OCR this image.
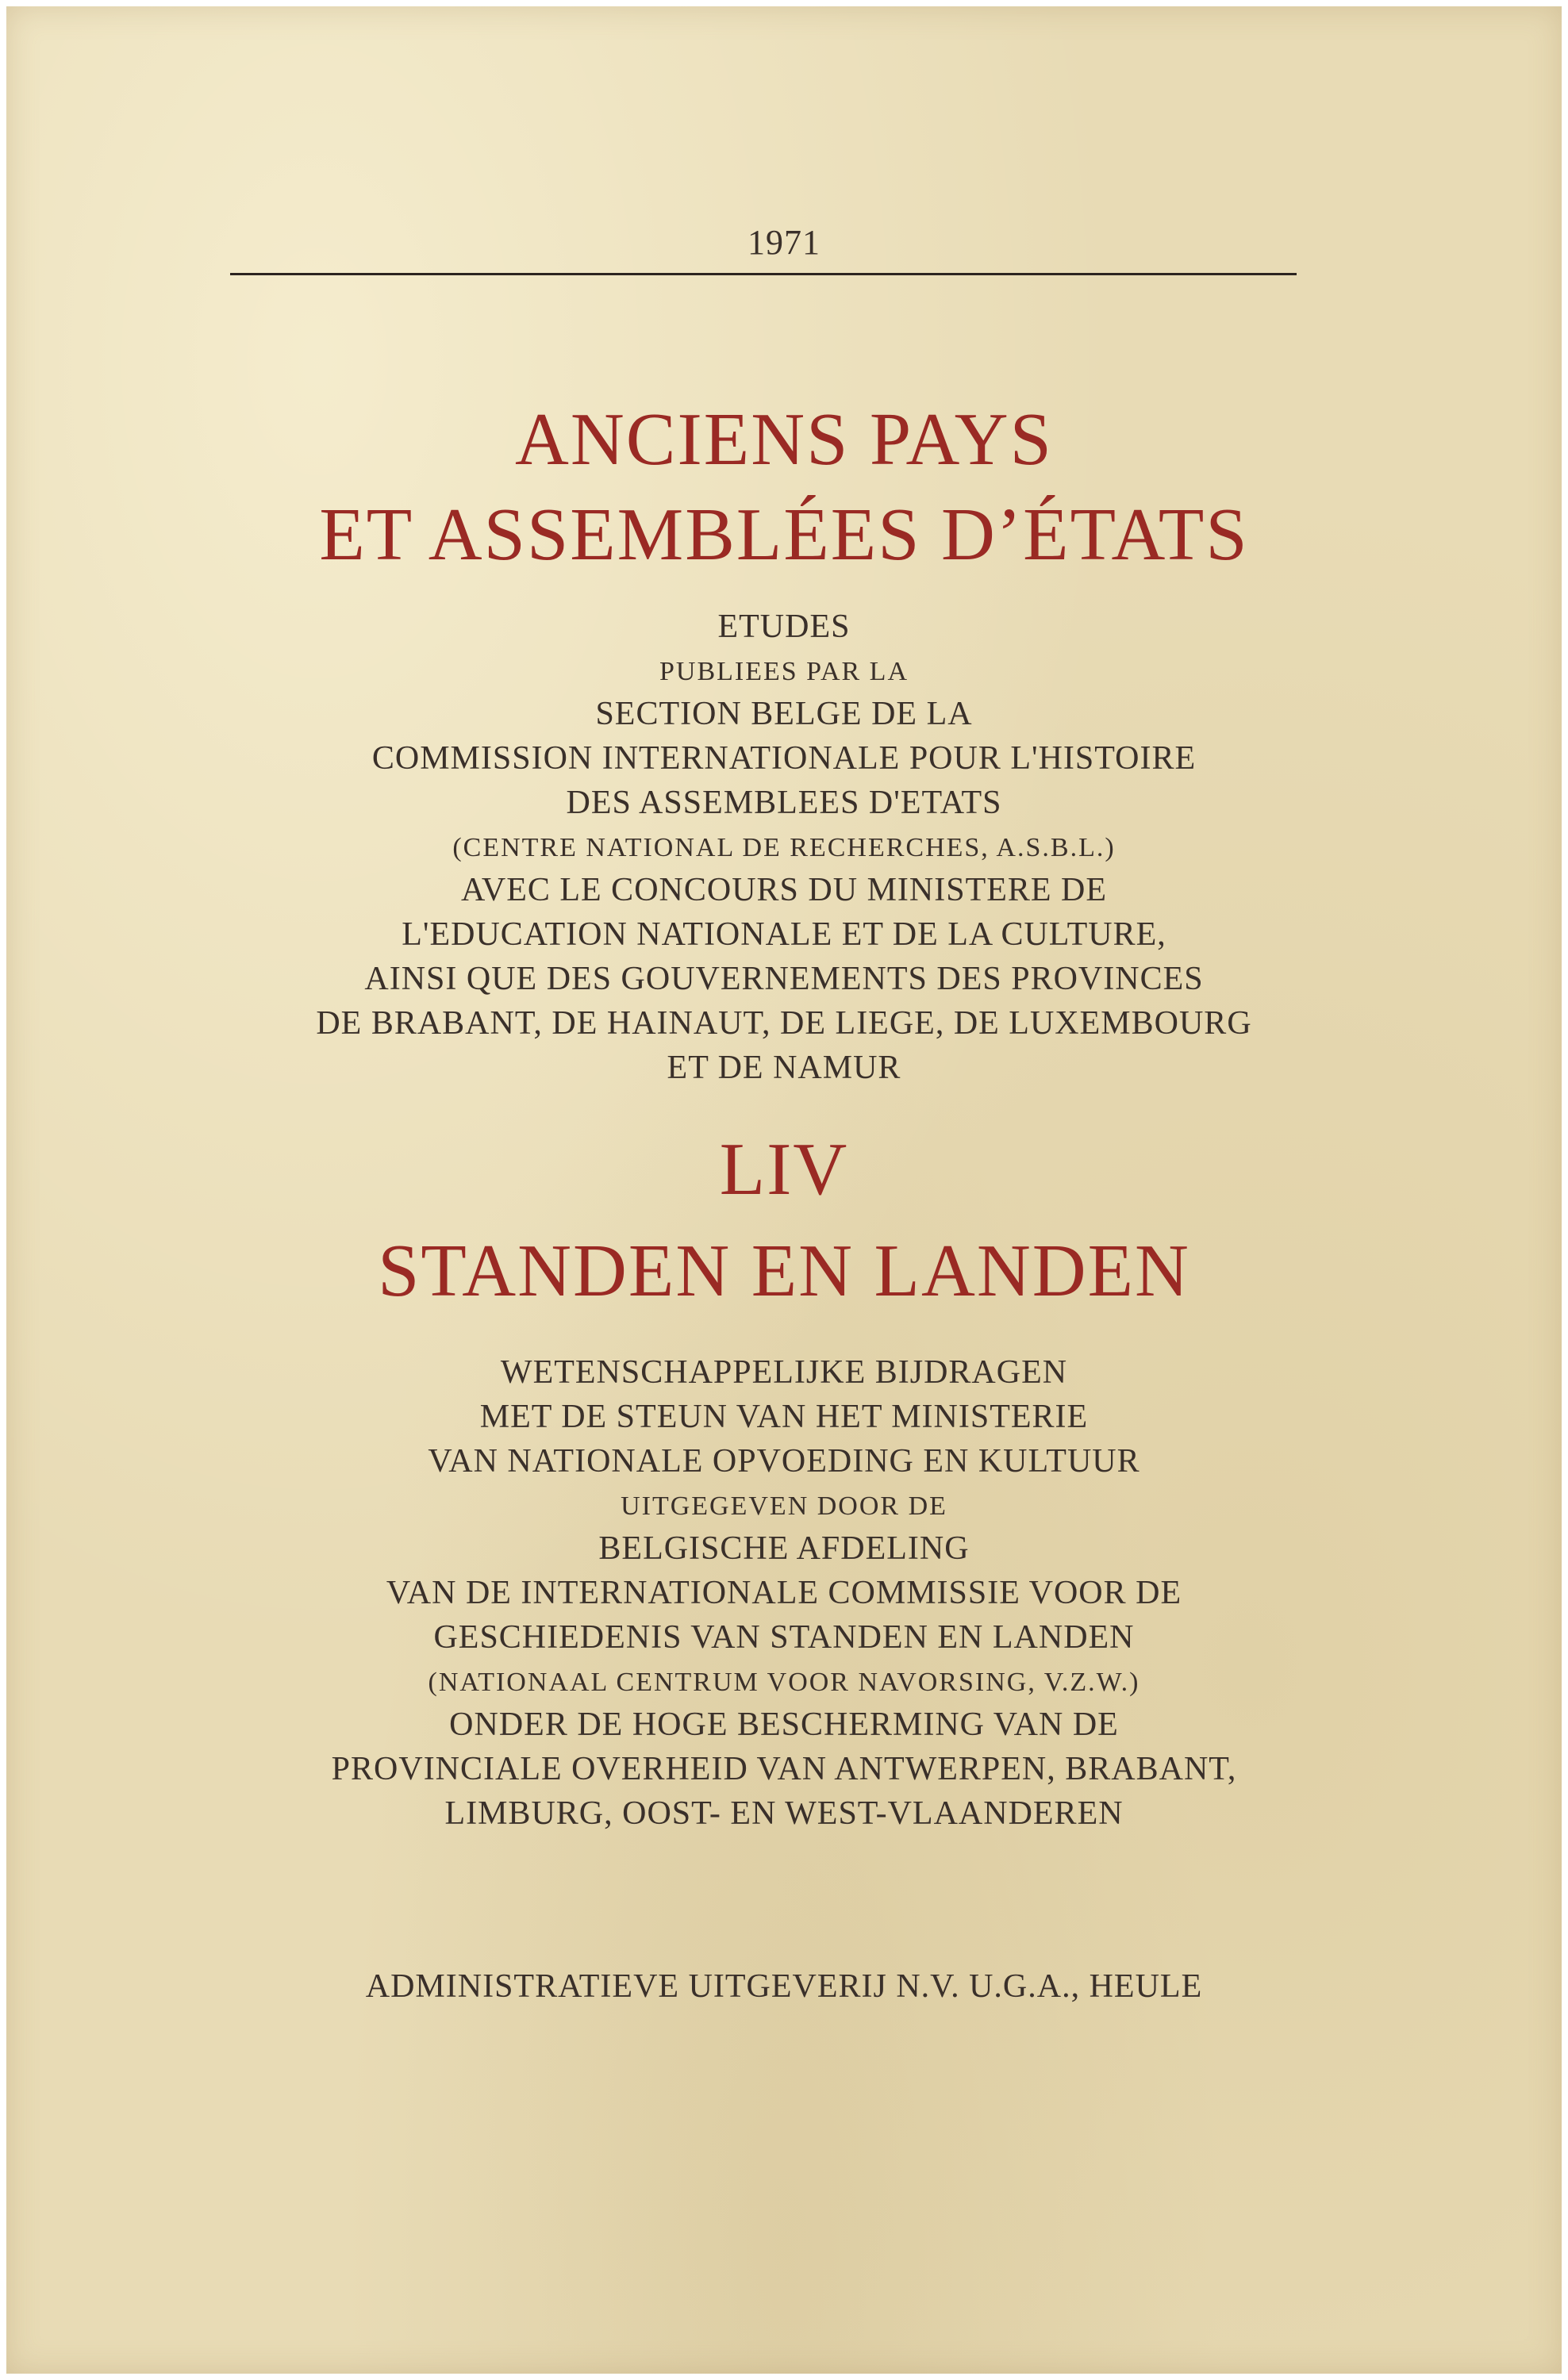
1971
ANCIENS PAYS
ET ASSEMBLÉES D’ÉTATS
ETUDES
PUBLIEES PAR LA
SECTION BELGE DE LA
COMMISSION INTERNATIONALE POUR L'HISTOIRE
DES ASSEMBLEES D'ETATS
(CENTRE NATIONAL DE RECHERCHES, A.S.B.L.)
AVEC LE CONCOURS DU MINISTERE DE
L'EDUCATION NATIONALE ET DE LA CULTURE,
AINSI QUE DES GOUVERNEMENTS DES PROVINCES
DE BRABANT, DE HAINAUT, DE LIEGE, DE LUXEMBOURG
ET DE NAMUR
LIV
STANDEN EN LANDEN
WETENSCHAPPELIJKE BIJDRAGEN
MET DE STEUN VAN HET MINISTERIE
VAN NATIONALE OPVOEDING EN KULTUUR
UITGEGEVEN DOOR DE
BELGISCHE AFDELING
VAN DE INTERNATIONALE COMMISSIE VOOR DE
GESCHIEDENIS VAN STANDEN EN LANDEN
(NATIONAAL CENTRUM VOOR NAVORSING, V.Z.W.)
ONDER DE HOGE BESCHERMING VAN DE
PROVINCIALE OVERHEID VAN ANTWERPEN, BRABANT,
LIMBURG, OOST- EN WEST-VLAANDEREN
ADMINISTRATIEVE UITGEVERIJ N.V. U.G.A., HEULE
